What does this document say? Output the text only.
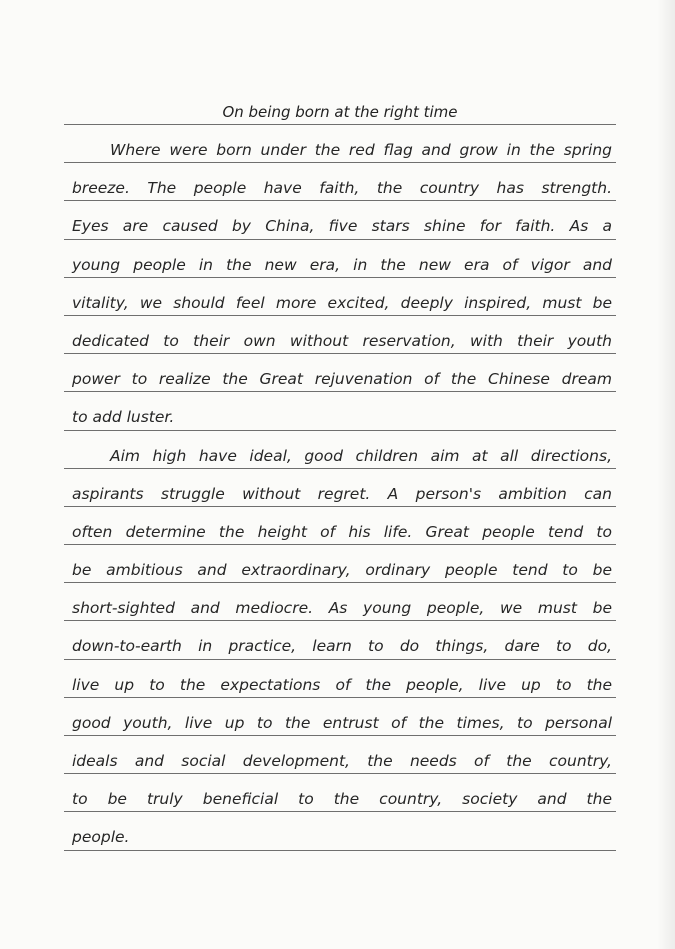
On being born at the right time
Where were born under the red flag and grow in the spring
breeze. The people have faith, the country has strength.
Eyes are caused by China, five stars shine for faith. As a
young people in the new era, in the new era of vigor and
vitality, we should feel more excited, deeply inspired, must be
dedicated to their own without reservation, with their youth
power to realize the Great rejuvenation of the Chinese dream
to add luster.
Aim high have ideal, good children aim at all directions,
aspirants struggle without regret. A person's ambition can
often determine the height of his life. Great people tend to
be ambitious and extraordinary, ordinary people tend to be
short-sighted and mediocre. As young people, we must be
down-to-earth in practice, learn to do things, dare to do,
live up to the expectations of the people, live up to the
good youth, live up to the entrust of the times, to personal
ideals and social development, the needs of the country,
to be truly beneficial to the country, society and the
people.
